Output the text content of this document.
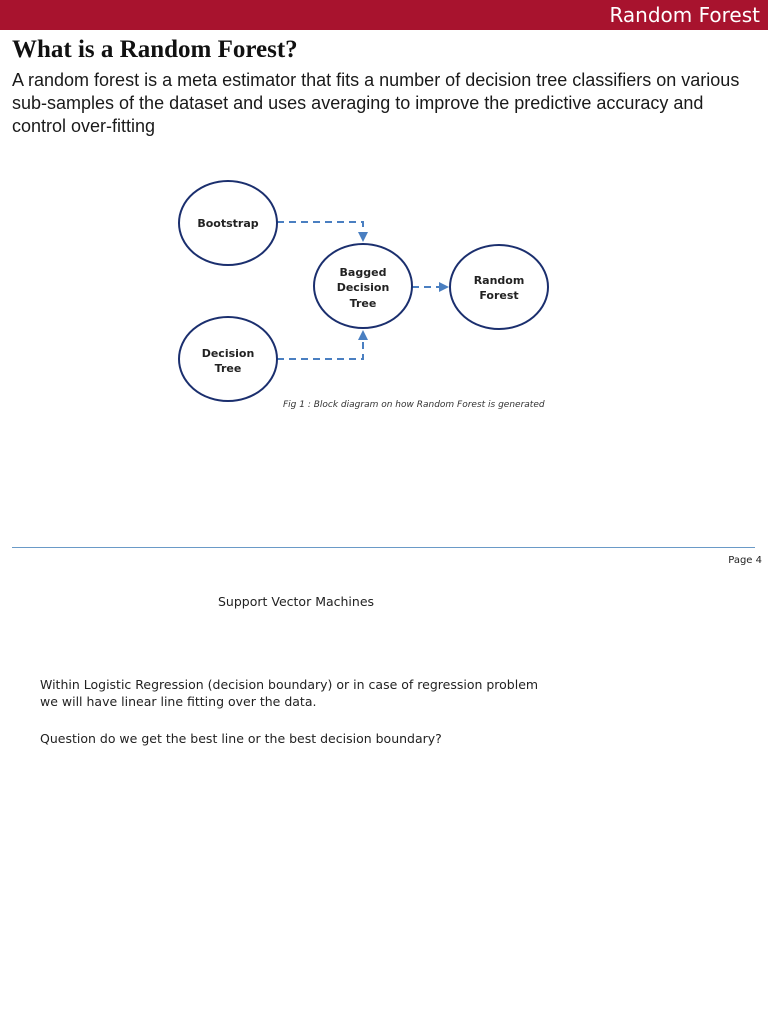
Random Forest
What is a Random Forest?

A random forest is a meta estimator that fits a number of decision tree classifiers on various sub-samples of the dataset and uses averaging to improve the predictive accuracy and control over-fitting

Bootstrap
Decision
Tree
Bagged
Decision
Tree
Random
Forest
Fig 1 : Block diagram on how Random Forest is generated
Page 4
Support Vector Machines

Within Logistic Regression (decision boundary) or in case of regression problem
we will have linear line fitting over the data.

Question do we get the best line or the best decision boundary?
